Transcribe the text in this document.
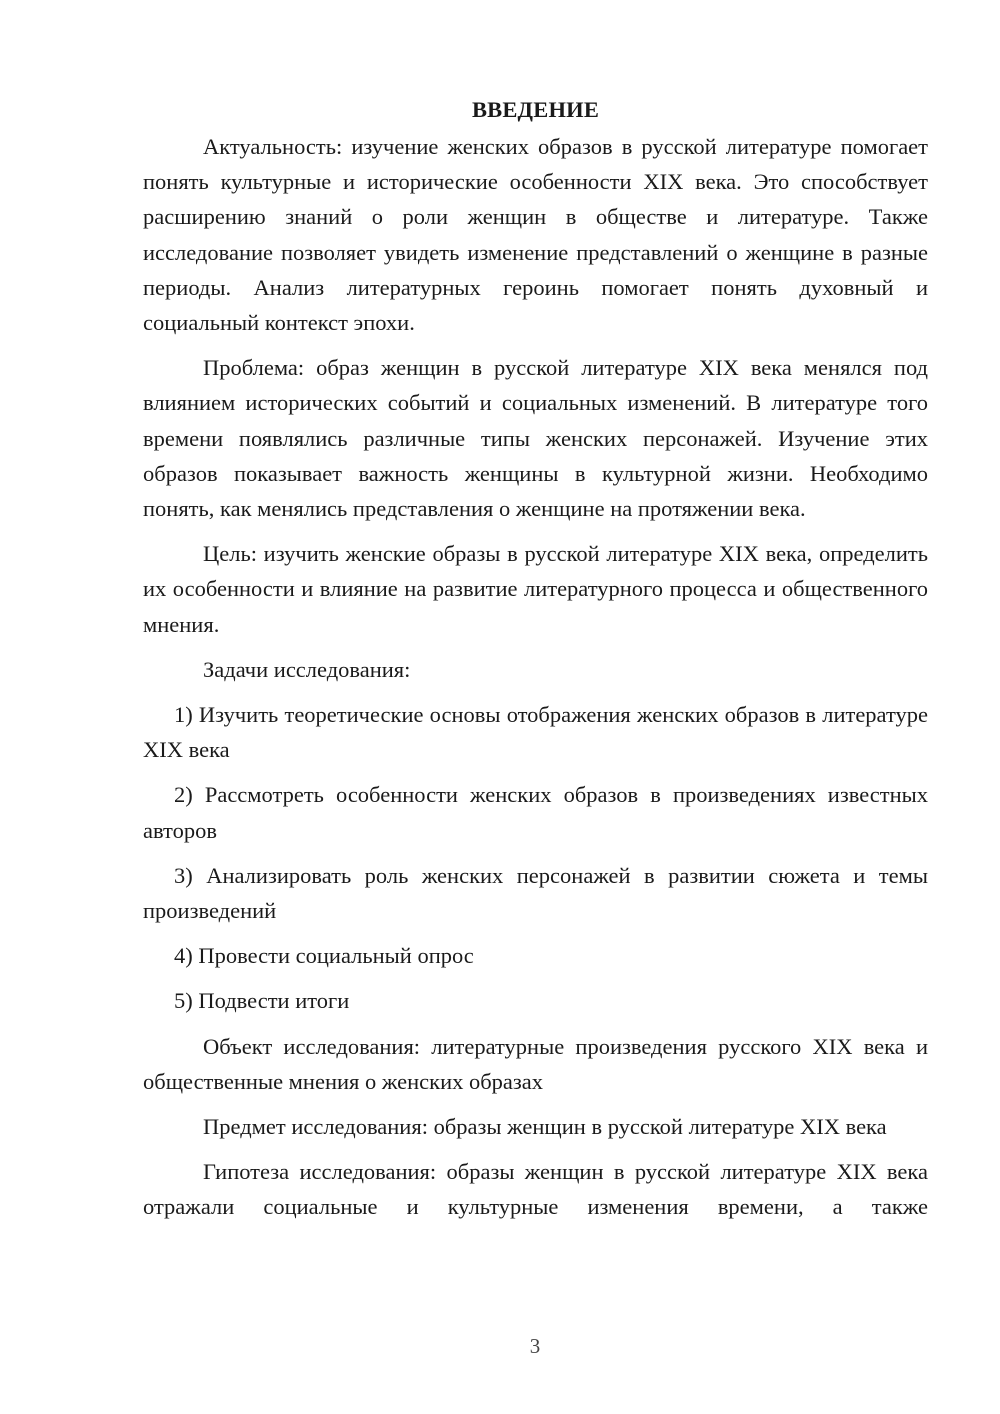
ВВЕДЕНИЕ

Актуальность: изучение женских образов в русской литературе помогает понять культурные и исторические особенности XIX века. Это способствует расширению знаний о роли женщин в обществе и литературе. Также исследование позволяет увидеть изменение представлений о женщине в разные периоды. Анализ литературных героинь помогает понять духовный и социальный контекст эпохи.

Проблема: образ женщин в русской литературе XIX века менялся под влиянием исторических событий и социальных изменений. В литературе того времени появлялись различные типы женских персонажей. Изучение этих образов показывает важность женщины в культурной жизни. Необходимо понять, как менялись представления о женщине на протяжении века.

Цель: изучить женские образы в русской литературе XIX века, определить их особенности и влияние на развитие литературного процесса и общественного мнения.

Задачи исследования:

1) Изучить теоретические основы отображения женских образов в литературе XIX века

2) Рассмотреть особенности женских образов в произведениях известных авторов

3) Анализировать роль женских персонажей в развитии сюжета и темы произведений

4) Провести социальный опрос

5) Подвести итоги

Объект исследования: литературные произведения русского XIX века и общественные мнения о женских образах

Предмет исследования: образы женщин в русской литературе XIX века

Гипотеза исследования: образы женщин в русской литературе XIX века отражали социальные и культурные изменения времени, а также

3
